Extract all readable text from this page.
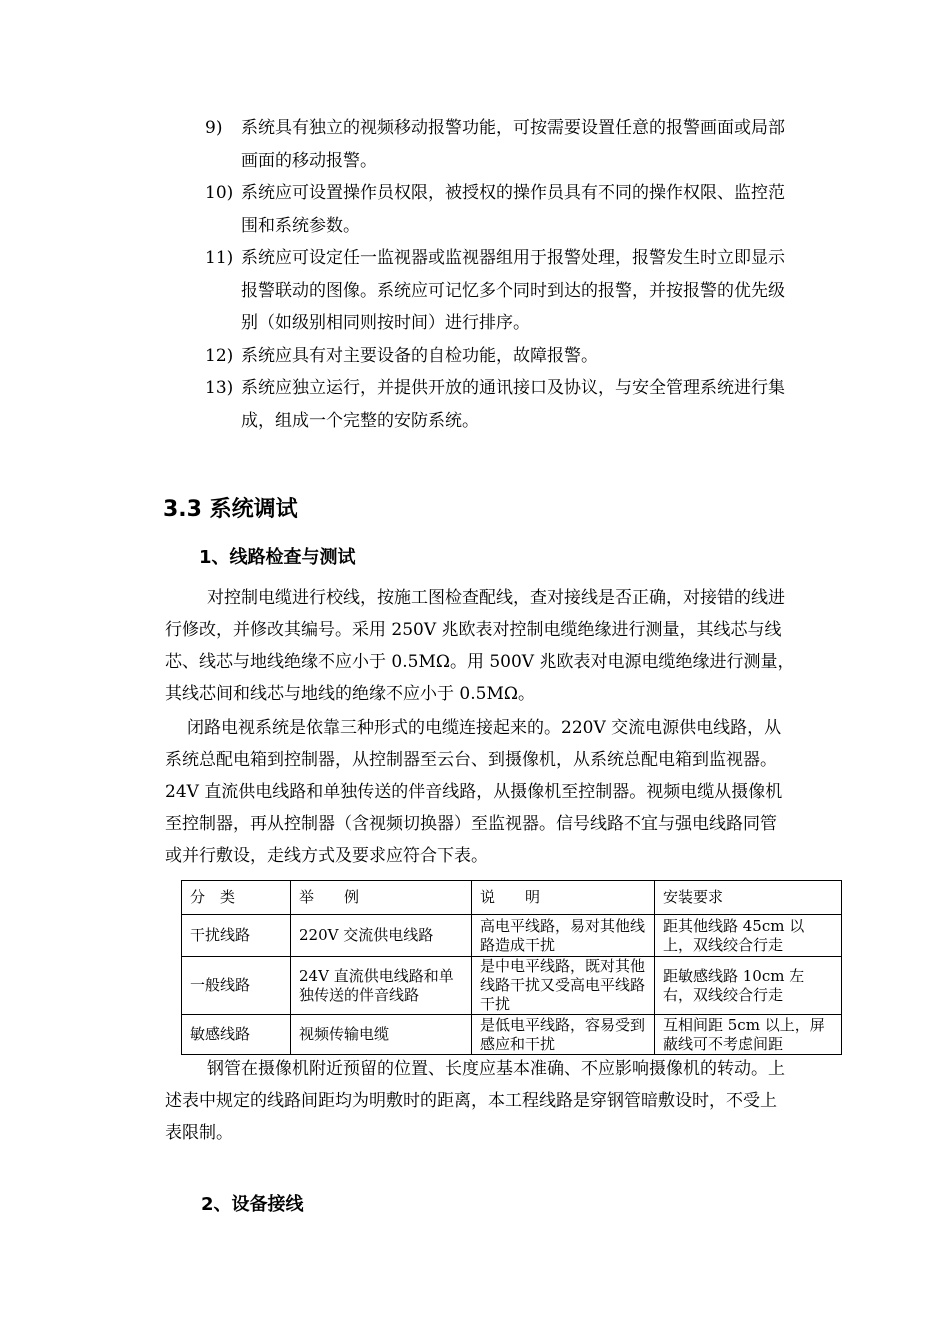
9) 系统具有独立的视频移动报警功能，可按需要设置任意的报警画面或局部
画面的移动报警。
10) 系统应可设置操作员权限，被授权的操作员具有不同的操作权限、监控范
围和系统参数。
11) 系统应可设定任一监视器或监视器组用于报警处理，报警发生时立即显示
报警联动的图像。系统应可记忆多个同时到达的报警，并按报警的优先级
别（如级别相同则按时间）进行排序。
12) 系统应具有对主要设备的自检功能，故障报警。
13) 系统应独立运行，并提供开放的通讯接口及协议，与安全管理系统进行集
成，组成一个完整的安防系统。
3.3 系统调试
1、线路检查与测试
对控制电缆进行校线，按施工图检查配线，查对接线是否正确，对接错的线进
行修改，并修改其编号。采用 250V 兆欧表对控制电缆绝缘进行测量，其线芯与线
芯、线芯与地线绝缘不应小于 0.5MΩ。用 500V 兆欧表对电源电缆绝缘进行测量，
其线芯间和线芯与地线的绝缘不应小于 0.5MΩ。
闭路电视系统是依靠三种形式的电缆连接起来的。220V 交流电源供电线路，从
系统总配电箱到控制器，从控制器至云台、到摄像机，从系统总配电箱到监视器。
24V 直流供电线路和单独传送的伴音线路，从摄像机至控制器。视频电缆从摄像机
至控制器，再从控制器（含视频切换器）至监视器。信号线路不宜与强电线路同管
或并行敷设，走线方式及要求应符合下表。
分　类	举　　例	说　　明	安装要求
干扰线路	220V 交流供电线路	高电平线路，易对其他线路造成干扰	距其他线路 45cm 以上，双线绞合行走
一般线路	24V 直流供电线路和单独传送的伴音线路	是中电平线路，既对其他线路干扰又受高电平线路干扰	距敏感线路 10cm 左右，双线绞合行走
敏感线路	视频传输电缆	是低电平线路，容易受到感应和干扰	互相间距 5cm 以上，屏蔽线可不考虑间距
钢管在摄像机附近预留的位置、长度应基本准确、不应影响摄像机的转动。上
述表中规定的线路间距均为明敷时的距离，本工程线路是穿钢管暗敷设时，不受上
表限制。
2、设备接线
